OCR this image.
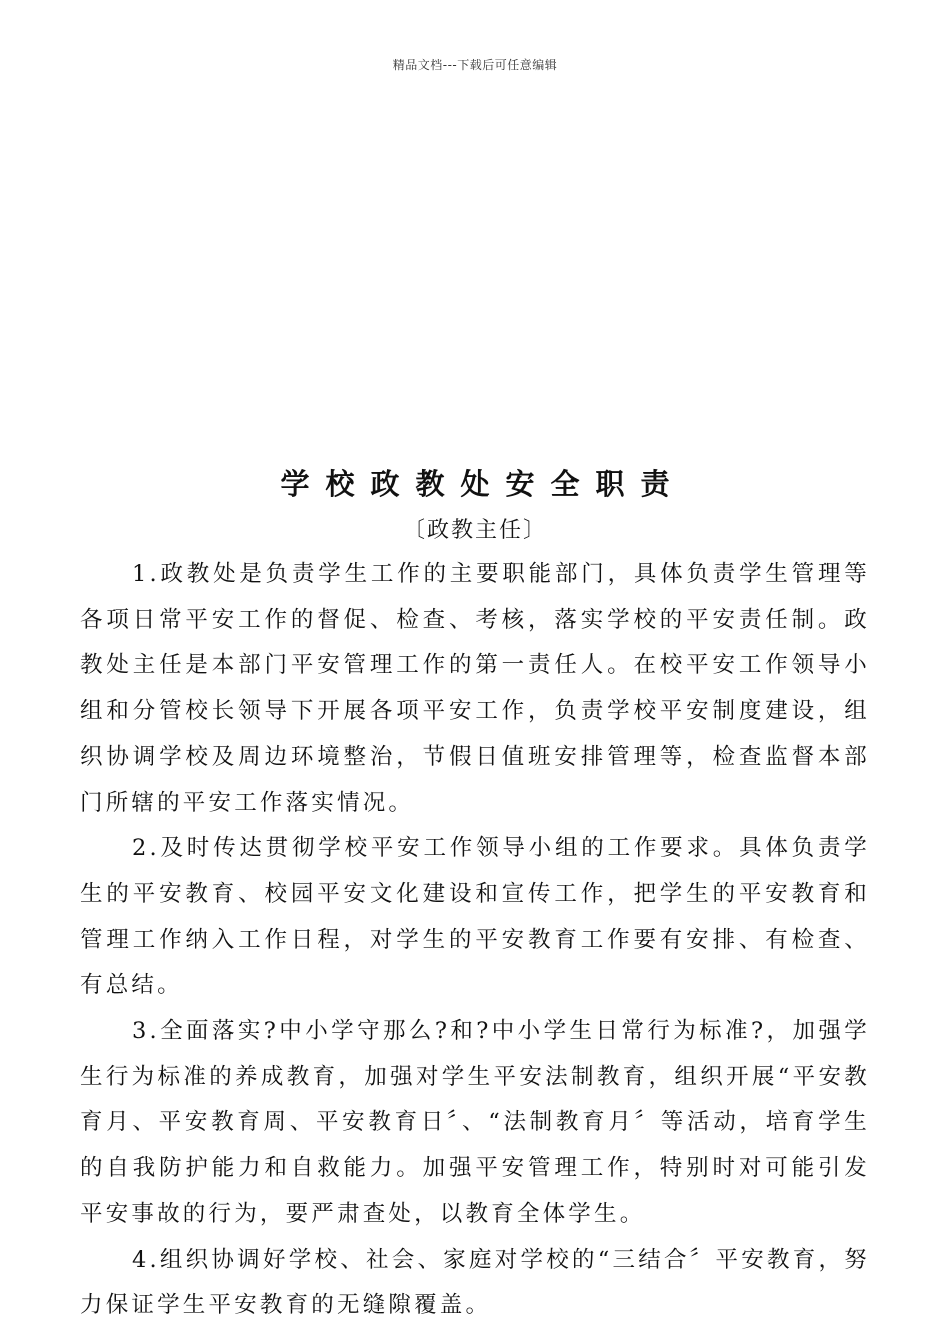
精品文档---下载后可任意编辑
学校政教处安全职责
〔政教主任〕

1.政教处是负责学生工作的主要职能部门，具体负责学生管理等各项日常平安工作的督促、检查、考核，落实学校的平安责任制。政教处主任是本部门平安管理工作的第一责任人。在校平安工作领导小组和分管校长领导下开展各项平安工作，负责学校平安制度建设，组织协调学校及周边环境整治，节假日值班安排管理等，检查监督本部门所辖的平安工作落实情况。

2.及时传达贯彻学校平安工作领导小组的工作要求。具体负责学生的平安教育、校园平安文化建设和宣传工作，把学生的平安教育和管理工作纳入工作日程，对学生的平安教育工作要有安排、有检查、有总结。

3.全面落实?中小学守那么?和?中小学生日常行为标准?，加强学生行为标准的养成教育，加强对学生平安法制教育，组织开展“平安教育月、平安教育周、平安教育日〞、“法制教育月〞等活动，培育学生的自我防护能力和自救能力。加强平安管理工作，特别时对可能引发平安事故的行为，要严肃查处，以教育全体学生。

4.组织协调好学校、社会、家庭对学校的“三结合〞平安教育，努力保证学生平安教育的无缝隙覆盖。
